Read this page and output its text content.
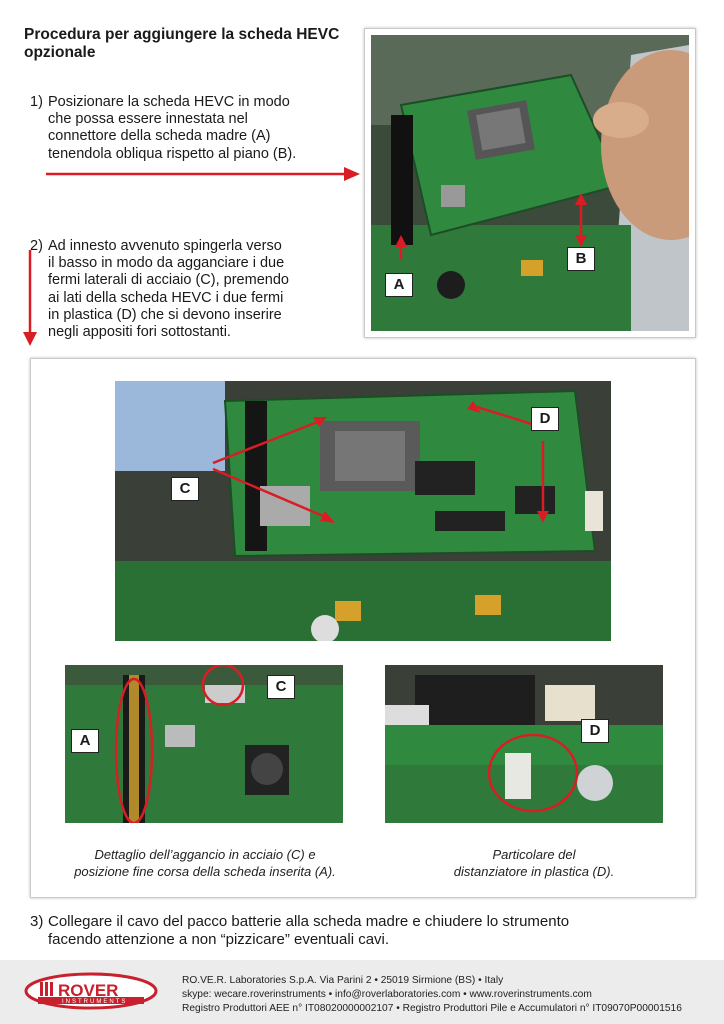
Procedura per aggiungere la scheda HEVC opzionale
1) Posizionare la scheda HEVC in modo
che possa essere innestata nel
connettore della scheda madre (A)
tenendola obliqua rispetto al piano (B).
A
B
2) Ad innesto avvenuto spingerla verso
il basso in modo da agganciare i due
fermi laterali di acciaio (C), premendo
ai lati della scheda HEVC i due fermi
in plastica (D) che si devono inserire
negli appositi fori sottostanti.
C
D
A
C
D
Dettaglio dell’aggancio in acciaio (C) e
posizione fine corsa della scheda inserita (A).
Particolare del
distanziatore in plastica (D).
3) Collegare il cavo del pacco batterie alla scheda madre e chiudere lo strumento
facendo attenzione a non “pizzicare” eventuali cavi.
ROVER
INSTRUMENTS
RO.VE.R. Laboratories S.p.A. Via Parini 2 • 25019 Sirmione (BS) • Italy
skype: wecare.roverinstruments • info@roverlaboratories.com • www.roverinstruments.com
Registro Produttori AEE n° IT08020000002107 • Registro Produttori Pile e Accumulatori n° IT09070P00001516
